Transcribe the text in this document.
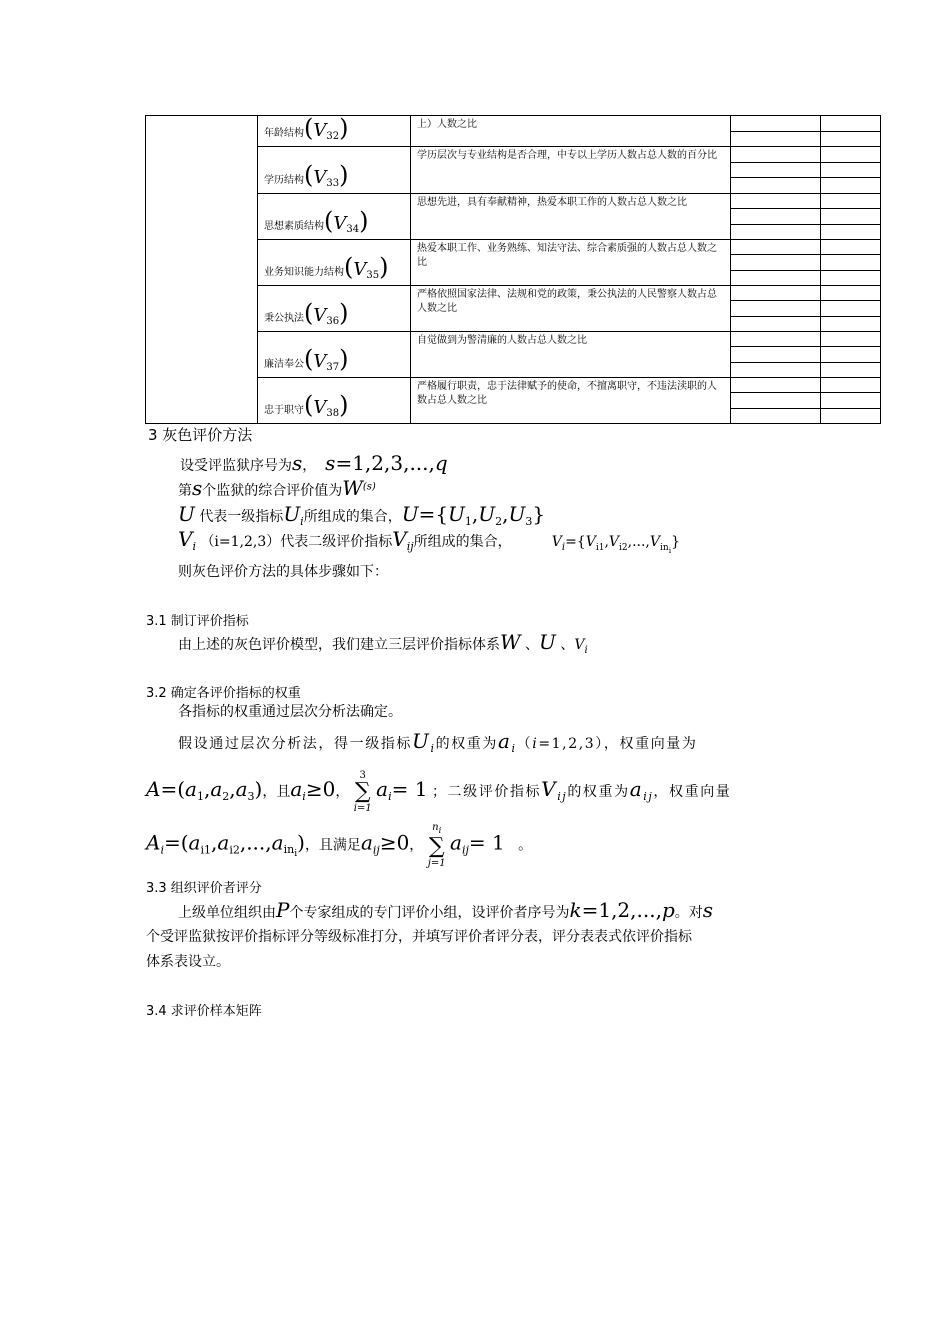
	年龄结构(V32)	上）人数之比		

	学历结构(V33)	学历层次与专业结构是否合理，中专以上学历人数占总人数的百分比		

	思想素质结构(V34)	思想先进，具有奉献精神，热爱本职工作的人数占总人数之比		

	业务知识能力结构(V35)	热爱本职工作、业务熟练、知法守法、综合素质强的人数占总人数之比		

	秉公执法(V36)	严格依照国家法律、法规和党的政策，秉公执法的人民警察人数占总人数之比		

	廉洁奉公(V37)	自觉做到为警清廉的人数占总人数之比		

	忠于职守(V38)	严格履行职责，忠于法律赋予的使命，不擅离职守，不违法渎职的人数占总人数之比		

3 灰色评价方法
设受评监狱序号为s，  s=1,2,3,...,q
第s个监狱的综合评价值为$W^{(s)}$
U 代表一级指标$U_i$所组成的集合，$U=\{U_1,U_2,U_3\}$
$V_i$ （i=1,2,3）代表二级评价指标$V_{ij}$所组成的集合，	$V_i=\{V_{i1},V_{i2},...,V_{in_i}\}$
则灰色评价方法的具体步骤如下：
3.1 制订评价指标
由上述的灰色评价模型，我们建立三层评价指标体系W 、U 、$V_i$
3.2 确定各评价指标的权重
各指标的权重通过层次分析法确定。
假设通过层次分析法，得一级指标$U_i$的权重为$a_i(i=1,2,3)$，权重向量为
$A=(a_1,a_2,a_3)$，且$a_i\ge 0$，
3
∑
i=1
$a_i= 1$ ；二级评价指标$V_{ij}$的权重为$a_{ij}$，权重向量
$A_i=(a_{i1},a_{i2},...,a_{in_i})$，且满足$a_{ij}\ge 0$，
$n_i$
∑
j=1
$a_{ij}= 1$ 。
3.3 组织评价者评分
上级单位组织由P个专家组成的专门评价小组，设评价者序号为k=1,2,...,p。对s
个受评监狱按评价指标评分等级标准打分，并填写评价者评分表，评分表表式依评价指标
体系表设立。
3.4 求评价样本矩阵
